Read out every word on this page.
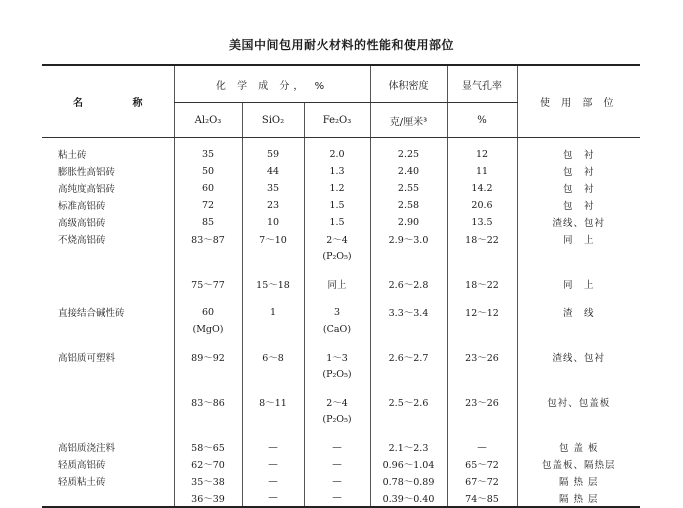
美国中间包用耐火材料的性能和使用部位
名 称	化 学 成 分， %			体积密度	显气孔率	使 用 部 位
	Al₂O₃	SiO₂	Fe₂O₃	克/厘米³	%	

粘土砖	35	59	2.0	2.25	12	包　衬
膨胀性高铝砖	50	44	1.3	2.40	11	包　衬
高纯度高铝砖	60	35	1.2	2.55	14.2	包　衬
标准高铝砖	72	23	1.5	2.58	20.6	包　衬
高级高铝砖	85	10	1.5	2.90	13.5	渣线、包衬
不烧高铝砖	83～87	7～10	2～4	2.9～3.0	18～22	同　上
			(P₂O₅)			

	75～77	15～18	同上	2.6～2.8	18～22	同　上

直接结合碱性砖	60	1	3	3.3～3.4	12～12	渣　线
	(MgO)		(CaO)			

高铝质可塑料	89～92	6～8	1～3	2.6～2.7	23～26	渣线、包衬
			(P₂O₅)			

	83～86	8～11	2～4	2.5～2.6	23～26	包衬、包盖板
			(P₂O₅)			

高铝质浇注料	58～65	—	—	2.1～2.3	—	包 盖 板
轻质高铝砖	62～70	—	—	0.96～1.04	65～72	包盖板、隔热层
轻质粘土砖	35～38	—	—	0.78～0.89	67～72	隔 热 层
	36～39	—	—	0.39～0.40	74～85	隔 热 层
